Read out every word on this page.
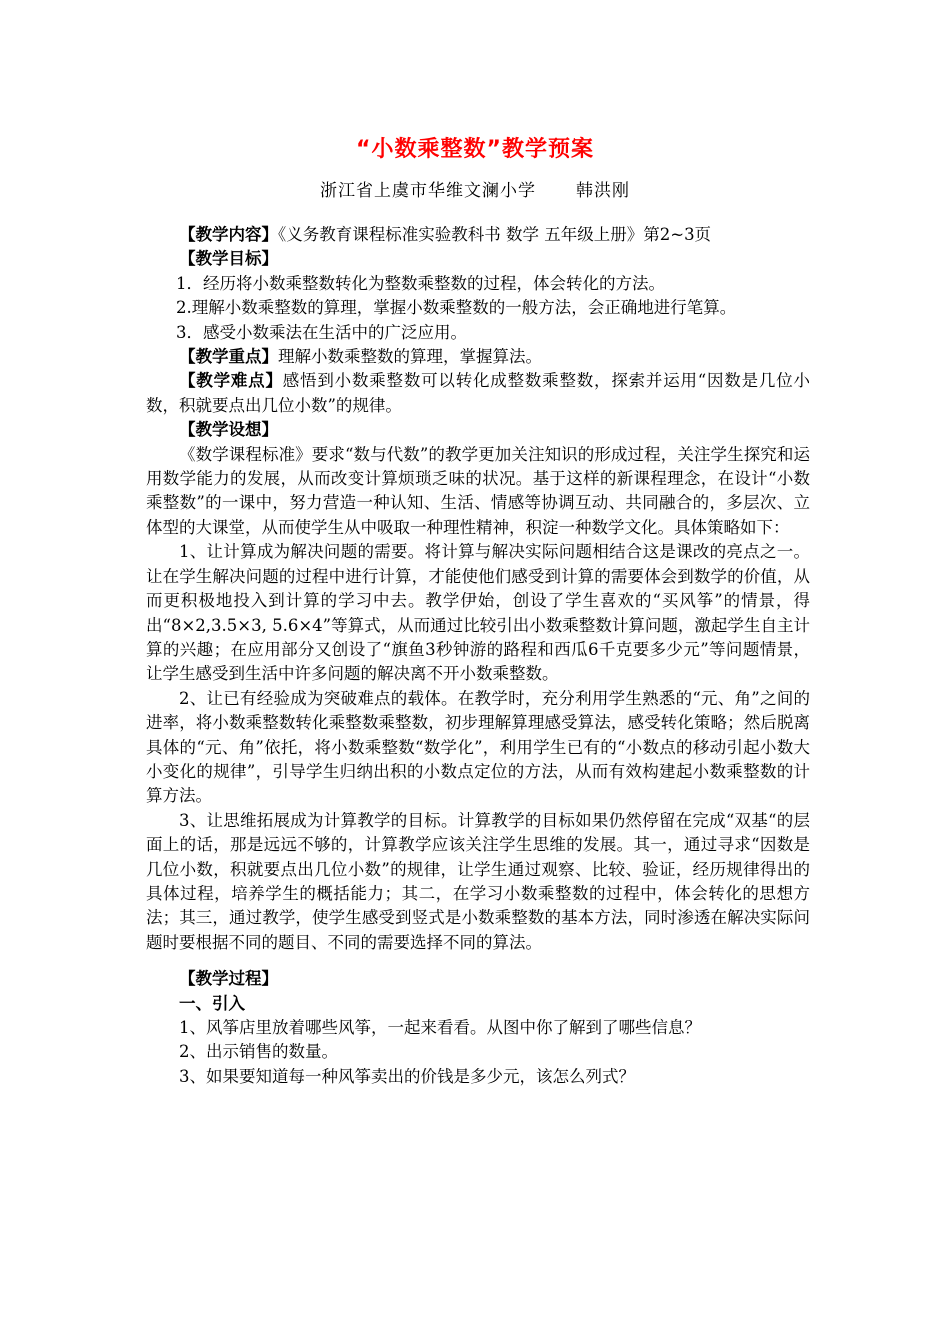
“小数乘整数”教学预案
浙江省上虞市华维文澜小学 韩洪刚

【教学内容】《义务教育课程标准实验教科书 数学 五年级上册》第2~3页

【教学目标】

1．经历将小数乘整数转化为整数乘整数的过程，体会转化的方法。

2.理解小数乘整数的算理，掌握小数乘整数的一般方法，会正确地进行笔算。

3．感受小数乘法在生活中的广泛应用。

【教学重点】理解小数乘整数的算理，掌握算法。

【教学难点】感悟到小数乘整数可以转化成整数乘整数，探索并运用“因数是几位小数，积就要点出几位小数”的规律。

【教学设想】

《数学课程标准》要求“数与代数”的教学更加关注知识的形成过程，关注学生探究和运用数学能力的发展，从而改变计算烦琐乏味的状况。基于这样的新课程理念，在设计“小数乘整数”的一课中，努力营造一种认知、生活、情感等协调互动、共同融合的，多层次、立体型的大课堂，从而使学生从中吸取一种理性精神，积淀一种数学文化。具体策略如下：

1、让计算成为解决问题的需要。将计算与解决实际问题相结合这是课改的亮点之一。让在学生解决问题的过程中进行计算，才能使他们感受到计算的需要体会到数学的价值，从而更积极地投入到计算的学习中去。教学伊始，创设了学生喜欢的“买风筝”的情景，得出“8×2,3.5×3, 5.6×4”等算式，从而通过比较引出小数乘整数计算问题，激起学生自主计算的兴趣；在应用部分又创设了“旗鱼3秒钟游的路程和西瓜6千克要多少元”等问题情景，让学生感受到生活中许多问题的解决离不开小数乘整数。

2、让已有经验成为突破难点的载体。在教学时，充分利用学生熟悉的“元、角”之间的进率，将小数乘整数转化乘整数乘整数，初步理解算理感受算法，感受转化策略；然后脱离具体的“元、角”依托，将小数乘整数“数学化”，利用学生已有的“小数点的移动引起小数大小变化的规律”，引导学生归纳出积的小数点定位的方法，从而有效构建起小数乘整数的计算方法。

3、让思维拓展成为计算教学的目标。计算教学的目标如果仍然停留在完成“双基“的层面上的话，那是远远不够的，计算教学应该关注学生思维的发展。其一，通过寻求“因数是几位小数，积就要点出几位小数”的规律，让学生通过观察、比较、验证，经历规律得出的具体过程，培养学生的概括能力；其二，在学习小数乘整数的过程中，体会转化的思想方法；其三，通过教学，使学生感受到竖式是小数乘整数的基本方法，同时渗透在解决实际问题时要根据不同的题目、不同的需要选择不同的算法。

【教学过程】

一、引入

1、风筝店里放着哪些风筝，一起来看看。从图中你了解到了哪些信息？

2、出示销售的数量。

3、如果要知道每一种风筝卖出的价钱是多少元，该怎么列式？
